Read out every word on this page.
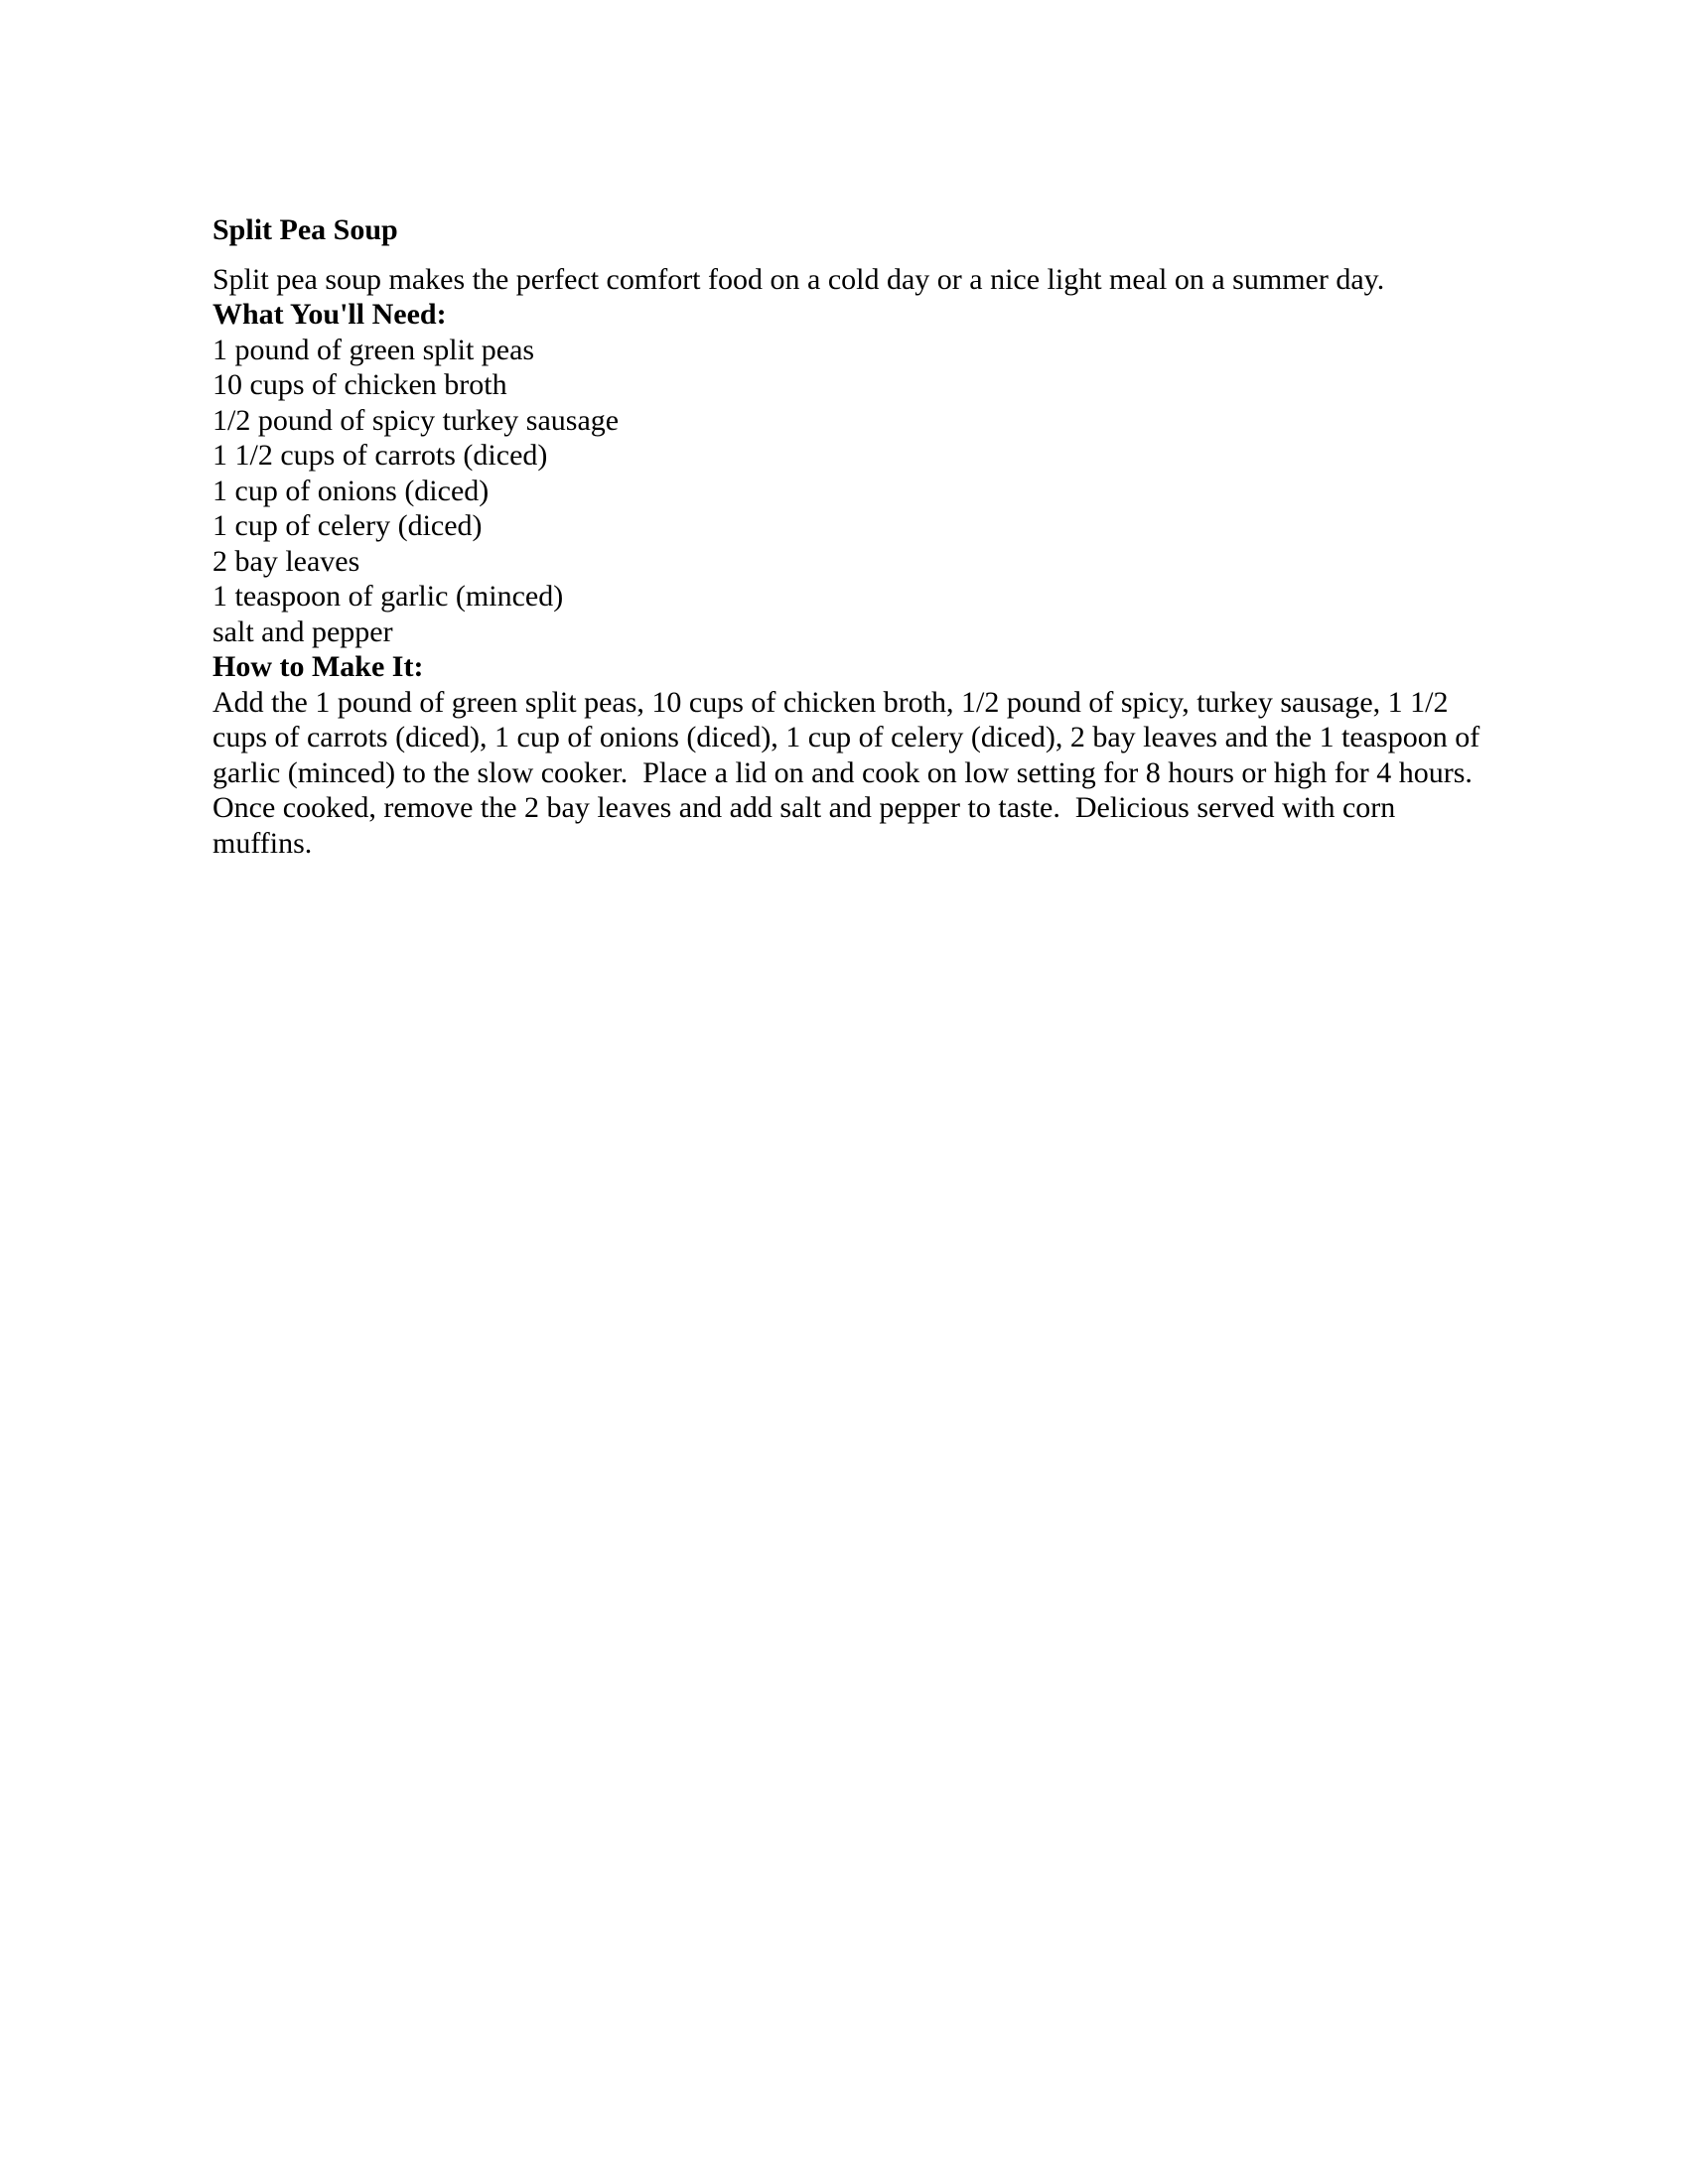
Split Pea Soup
Split pea soup makes the perfect comfort food on a cold day or a nice light meal on a summer day.
What You'll Need:
1 pound of green split peas
10 cups of chicken broth
1/2 pound of spicy turkey sausage
1 1/2 cups of carrots (diced)
1 cup of onions (diced)
1 cup of celery (diced)
2 bay leaves
1 teaspoon of garlic (minced)
salt and pepper
How to Make It:
Add the 1 pound of green split peas, 10 cups of chicken broth, 1/2 pound of spicy, turkey sausage, 1 1/2 cups of carrots (diced), 1 cup of onions (diced), 1 cup of celery (diced), 2 bay leaves and the 1 teaspoon of garlic (minced) to the slow cooker.  Place a lid on and cook on low setting for 8 hours or high for 4 hours.  Once cooked, remove the 2 bay leaves and add salt and pepper to taste.  Delicious served with corn muffins.
